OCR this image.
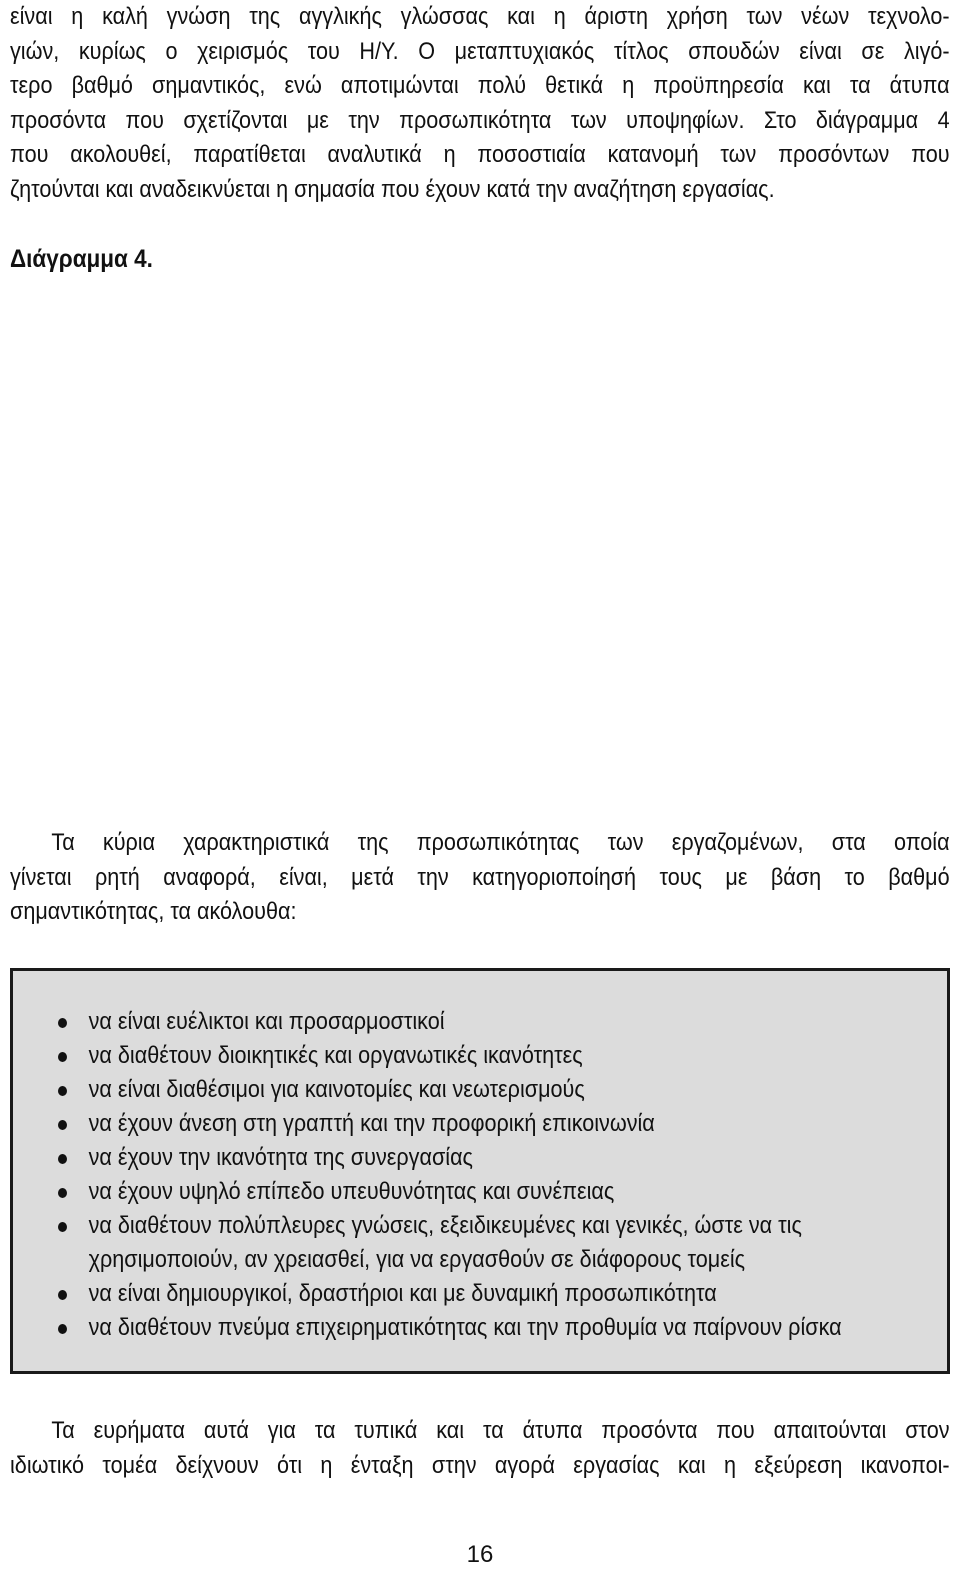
είναι η καλή γνώση της αγγλικής γλώσσας και η άριστη χρήση των νέων τεχνολο-
γιών, κυρίως ο χειρισμός του Η/Υ. Ο μεταπτυχιακός τίτλος σπουδών είναι σε λιγό-
τερο βαθμό σημαντικός, ενώ αποτιμώνται πολύ θετικά η προϋπηρεσία και τα άτυπα
προσόντα που σχετίζονται με την προσωπικότητα των υποψηφίων. Στο διάγραμμα 4
που ακολουθεί, παρατίθεται αναλυτικά η ποσοστιαία κατανομή των προσόντων που
ζητούνται και αναδεικνύεται η σημασία που έχουν κατά την αναζήτηση εργασίας.

Διάγραμμα 4.

Τα κύρια χαρακτηριστικά της προσωπικότητας των εργαζομένων, στα οποία
γίνεται ρητή αναφορά, είναι, μετά την κατηγοριοποίησή τους με βάση το βαθμό
σημαντικότητας, τα ακόλουθα:

να είναι ευέλικτοι και προσαρμοστικοί
να διαθέτουν διοικητικές και οργανωτικές ικανότητες
να είναι διαθέσιμοι για καινοτομίες και νεωτερισμούς
να έχουν άνεση στη γραπτή και την προφορική επικοινωνία
να έχουν την ικανότητα της συνεργασίας
να έχουν υψηλό επίπεδο υπευθυνότητας και συνέπειας
να διαθέτουν πολύπλευρες γνώσεις, εξειδικευμένες και γενικές, ώστε να τις χρησιμοποιούν, αν χρειασθεί, για να εργασθούν σε διάφορους τομείς
να είναι δημιουργικοί, δραστήριοι και με δυναμική προσωπικότητα
να διαθέτουν πνεύμα επιχειρηματικότητας και την προθυμία να παίρνουν ρίσκα

Τα ευρήματα αυτά για τα τυπικά και τα άτυπα προσόντα που απαιτούνται στον
ιδιωτικό τομέα δείχνουν ότι η ένταξη στην αγορά εργασίας και η εξεύρεση ικανοποι-

16
